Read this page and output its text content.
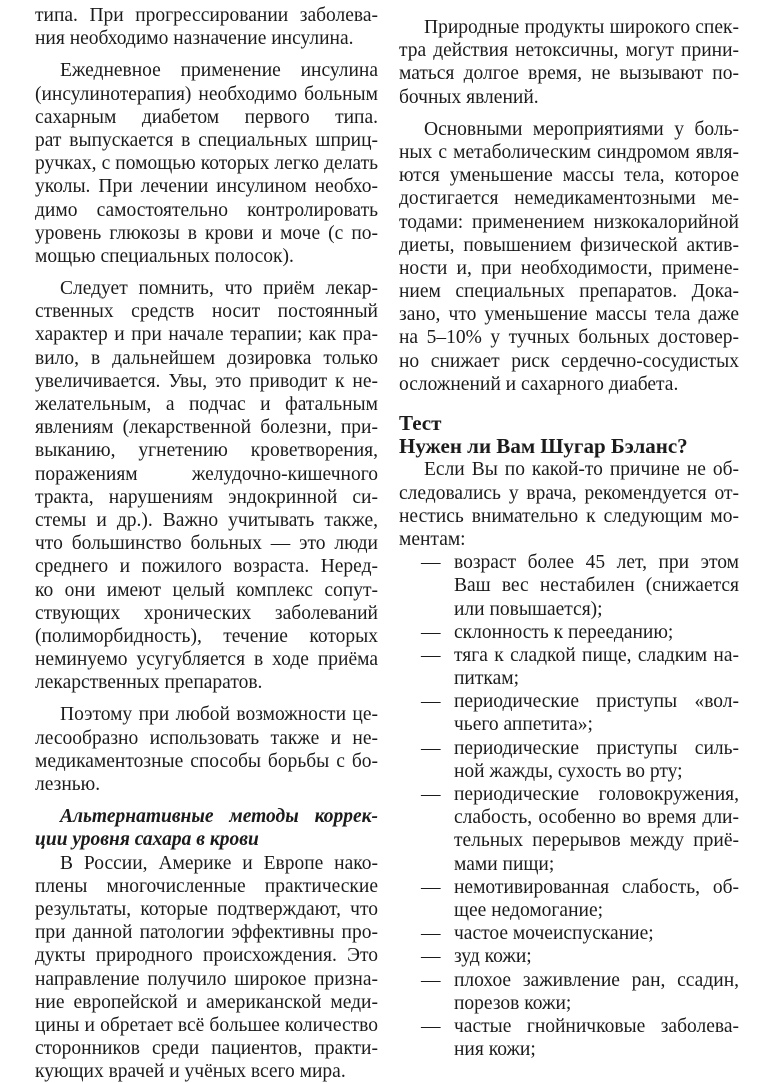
типа. При прогрессировании заболева-
ния необходимо назначение инсулина.
Ежедневное применение инсулина
(инсулинотерапия) необходимо больным
сахарным диабетом первого типа.
рат выпускается в специальных шприц-
ручках, с помощью которых легко делать
уколы. При лечении инсулином необхо-
димо самостоятельно контролировать
уровень глюкозы в крови и моче (с по-
мощью специальных полосок).
Следует помнить, что приём лекар-
ственных средств носит постоянный
характер и при начале терапии; как пра-
вило, в дальнейшем дозировка только
увеличивается. Увы, это приводит к не-
желательным, а подчас и фатальным
явлениям (лекарственной болезни, при-
выканию, угнетению кроветворения,
поражениям желудочно-кишечного
тракта, нарушениям эндокринной си-
стемы и др.). Важно учитывать также,
что большинство больных — это люди
среднего и пожилого возраста. Неред-
ко они имеют целый комплекс сопут-
ствующих хронических заболеваний
(полиморбидность), течение которых
неминуемо усугубляется в ходе приёма
лекарственных препаратов.
Поэтому при любой возможности це-
лесообразно использовать также и не-
медикаментозные способы борьбы с бо-
лезнью.
Альтернативные методы коррек-
ции уровня сахара в крови
В России, Америке и Европе нако-
плены многочисленные практические
результаты, которые подтверждают, что
при данной патологии эффективны про-
дукты природного происхождения. Это
направление получило широкое призна-
ние европейской и американской меди-
цины и обретает всё большее количество
сторонников среди пациентов, практи-
кующих врачей и учёных всего мира.
Природные продукты широкого спек-
тра действия нетоксичны, могут прини-
маться долгое время, не вызывают по-
бочных явлений.
Основными мероприятиями у боль-
ных с метаболическим синдромом явля-
ются уменьшение массы тела, которое
достигается немедикаментозными ме-
тодами: применением низкокалорийной
диеты, повышением физической актив-
ности и, при необходимости, примене-
нием специальных препаратов. Дока-
зано, что уменьшение массы тела даже
на 5–10% у тучных больных достовер-
но снижает риск сердечно-сосудистых
осложнений и сахарного диабета.
Тест
Нужен ли Вам Шугар Бэланс?
Если Вы по какой-то причине не об-
следовались у врача, рекомендуется от-
нестись внимательно к следующим мо-
ментам:
— возраст более 45 лет, при этом
Ваш вес нестабилен (снижается
или повышается);
— склонность к перееданию;
— тяга к сладкой пище, сладким на-
питкам;
— периодические приступы «вол-
чьего аппетита»;
— периодические приступы силь-
ной жажды, сухость во рту;
— периодические головокружения,
слабость, особенно во время дли-
тельных перерывов между приё-
мами пищи;
— немотивированная слабость, об-
щее недомогание;
— частое мочеиспускание;
— зуд кожи;
— плохое заживление ран, ссадин,
порезов кожи;
— частые гнойничковые заболева-
ния кожи;
